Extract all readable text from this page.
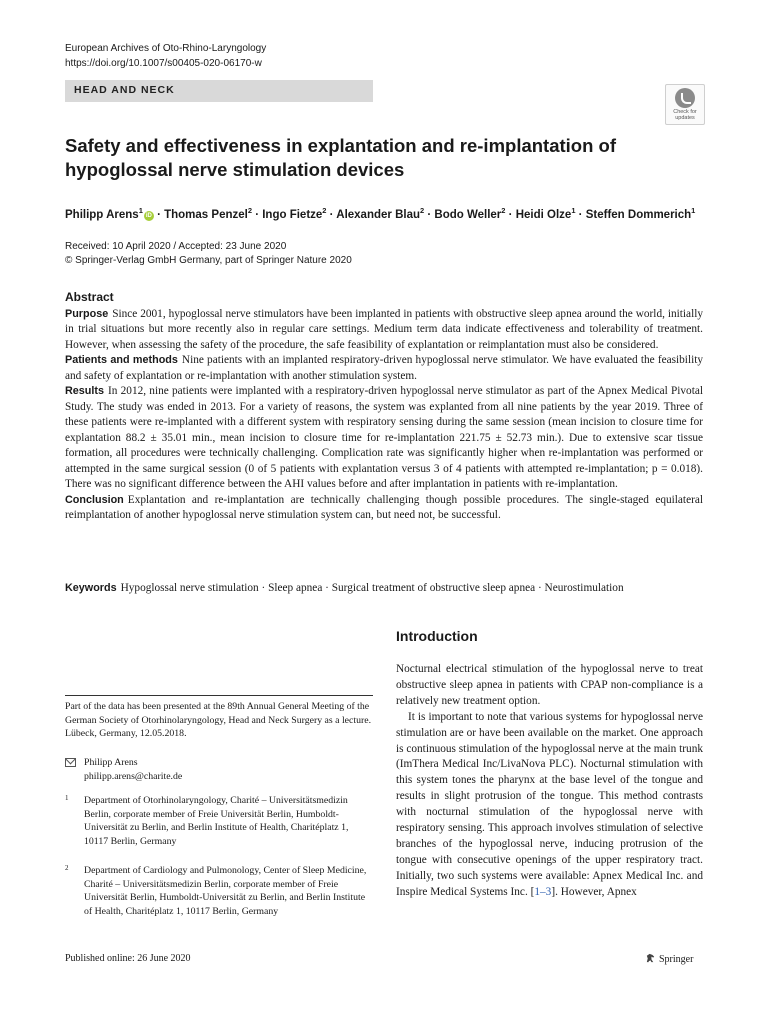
European Archives of Oto-Rhino-Laryngology
https://doi.org/10.1007/s00405-020-06170-w
HEAD AND NECK
Check for
updates
Safety and effectiveness in explantation and re-implantation of hypoglossal nerve stimulation devices
Philipp Arens$^1$iD · Thomas Penzel$^2$ · Ingo Fietze$^2$ · Alexander Blau$^2$ · Bodo Weller$^2$ · Heidi Olze$^1$ · Steffen Dommerich$^1$
Received: 10 April 2020 / Accepted: 23 June 2020
© Springer-Verlag GmbH Germany, part of Springer Nature 2020
Abstract

Purpose Since 2001, hypoglossal nerve stimulators have been implanted in patients with obstructive sleep apnea around the world, initially in trial situations but more recently also in regular care settings. Medium term data indicate effectiveness and tolerability of treatment. However, when assessing the safety of the procedure, the safe feasibility of explantation or reimplantation must also be considered.

Patients and methods Nine patients with an implanted respiratory-driven hypoglossal nerve stimulator. We have evaluated the feasibility and safety of explantation or re-implantation with another stimulation system.

Results In 2012, nine patients were implanted with a respiratory-driven hypoglossal nerve stimulator as part of the Apnex Medical Pivotal Study. The study was ended in 2013. For a variety of reasons, the system was explanted from all nine patients by the year 2019. Three of these patients were re-implanted with a different system with respiratory sensing during the same session (mean incision to closure time for explantation 88.2 ± 35.01 min., mean incision to closure time for re-implantation 221.75 ± 52.73 min.). Due to extensive scar tissue formation, all procedures were technically challenging. Complication rate was significantly higher when re-implantation was performed or attempted in the same surgical session (0 of 5 patients with explantation versus 3 of 4 patients with attempted re-implantation; p = 0.018). There was no significant difference between the AHI values before and after implantation in patients with re-implantation.

Conclusion Explantation and re-implantation are technically challenging though possible procedures. The single-staged equilateral reimplantation of another hypoglossal nerve stimulation system can, but need not, be successful.

Keywords Hypoglossal nerve stimulation · Sleep apnea · Surgical treatment of obstructive sleep apnea · Neurostimulation
Introduction

Nocturnal electrical stimulation of the hypoglossal nerve to treat obstructive sleep apnea in patients with CPAP non-compliance is a relatively new treatment option.

It is important to note that various systems for hypoglossal nerve stimulation are or have been available on the market. One approach is continuous stimulation of the hypoglossal nerve at the main trunk (ImThera Medical Inc/LivaNova PLC). Nocturnal stimulation with this system tones the pharynx at the base level of the tongue and results in slight protrusion of the tongue. This method contrasts with nocturnal stimulation of the hypoglossal nerve with respiratory sensing. This approach involves stimulation of selective branches of the hypoglossal nerve, inducing protrusion of the tongue with consecutive openings of the upper respiratory tract. Initially, two such systems were available: Apnex Medical Inc. and Inspire Medical Systems Inc. [1–3]. However, Apnex

Part of the data has been presented at the 89th Annual General Meeting of the German Society of Otorhinolaryngology, Head and Neck Surgery as a lecture. Lübeck, Germany, 12.05.2018.
Philipp Arens
philipp.arens@charite.de
1 Department of Otorhinolaryngology, Charité – Universitätsmedizin Berlin, corporate member of Freie Universität Berlin, Humboldt-Universität zu Berlin, and Berlin Institute of Health, Charitéplatz 1, 10117 Berlin, Germany
2 Department of Cardiology and Pulmonology, Center of Sleep Medicine, Charité – Universitätsmedizin Berlin, corporate member of Freie Universität Berlin, Humboldt-Universität zu Berlin, and Berlin Institute of Health, Charitéplatz 1, 10117 Berlin, Germany
Published online: 26 June 2020	Springer
